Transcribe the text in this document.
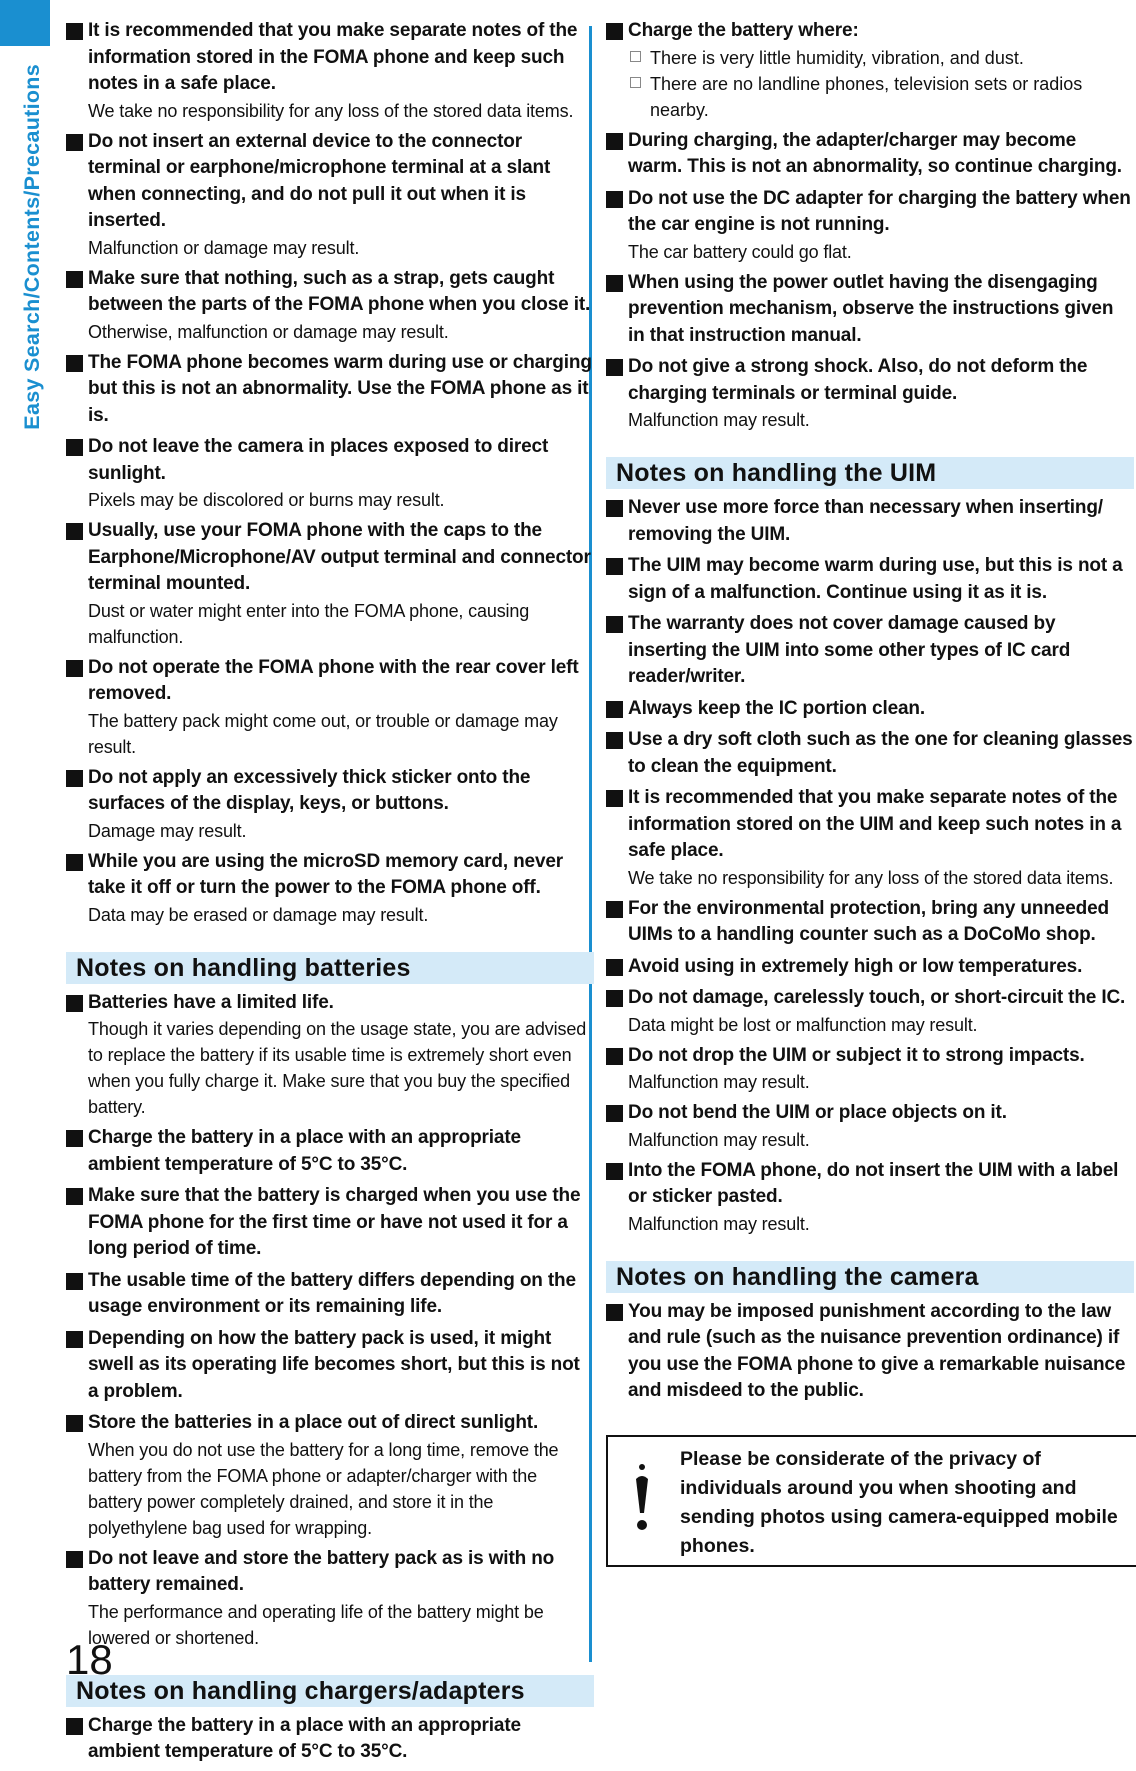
Easy Search/Contents/Precautions
It is recommended that you make separate notes of the information stored in the FOMA phone and keep such notes in a safe place.
We take no responsibility for any loss of the stored data items.
Do not insert an external device to the connector terminal or earphone/microphone terminal at a slant when connecting, and do not pull it out when it is inserted.
Malfunction or damage may result.
Make sure that nothing, such as a strap, gets caught between the parts of the FOMA phone when you close it.
Otherwise, malfunction or damage may result.
The FOMA phone becomes warm during use or charging but this is not an abnormality. Use the FOMA phone as it is.
Do not leave the camera in places exposed to direct sunlight.
Pixels may be discolored or burns may result.
Usually, use your FOMA phone with the caps to the Earphone/Microphone/AV output terminal and connector terminal mounted.
Dust or water might enter into the FOMA phone, causing malfunction.
Do not operate the FOMA phone with the rear cover left removed.
The battery pack might come out, or trouble or damage may result.
Do not apply an excessively thick sticker onto the surfaces of the display, keys, or buttons.
Damage may result.
While you are using the microSD memory card, never take it off or turn the power to the FOMA phone off.
Data may be erased or damage may result.
Notes on handling batteries
Batteries have a limited life.
Though it varies depending on the usage state, you are advised to replace the battery if its usable time is extremely short even when you fully charge it. Make sure that you buy the specified battery.
Charge the battery in a place with an appropriate ambient temperature of 5°C to 35°C.
Make sure that the battery is charged when you use the FOMA phone for the first time or have not used it for a long period of time.
The usable time of the battery differs depending on the usage environment or its remaining life.
Depending on how the battery pack is used, it might swell as its operating life becomes short, but this is not a problem.
Store the batteries in a place out of direct sunlight.
When you do not use the battery for a long time, remove the battery from the FOMA phone or adapter/charger with the battery power completely drained, and store it in the polyethylene bag used for wrapping.
Do not leave and store the battery pack as is with no battery remained.
The performance and operating life of the battery might be lowered or shortened.
Notes on handling chargers/adapters
Charge the battery in a place with an appropriate ambient temperature of 5°C to 35°C.
Charge the battery where:
There is very little humidity, vibration, and dust.
There are no landline phones, television sets or radios nearby.
During charging, the adapter/charger may become warm. This is not an abnormality, so continue charging.
Do not use the DC adapter for charging the battery when the car engine is not running.
The car battery could go flat.
When using the power outlet having the disengaging prevention mechanism, observe the instructions given in that instruction manual.
Do not give a strong shock. Also, do not deform the charging terminals or terminal guide.
Malfunction may result.
Notes on handling the UIM
Never use more force than necessary when inserting/ removing the UIM.
The UIM may become warm during use, but this is not a sign of a malfunction. Continue using it as it is.
The warranty does not cover damage caused by inserting the UIM into some other types of IC card reader/writer.
Always keep the IC portion clean.
Use a dry soft cloth such as the one for cleaning glasses to clean the equipment.
It is recommended that you make separate notes of the information stored on the UIM and keep such notes in a safe place.
We take no responsibility for any loss of the stored data items.
For the environmental protection, bring any unneeded UIMs to a handling counter such as a DoCoMo shop.
Avoid using in extremely high or low temperatures.
Do not damage, carelessly touch, or short-circuit the IC.
Data might be lost or malfunction may result.
Do not drop the UIM or subject it to strong impacts.
Malfunction may result.
Do not bend the UIM or place objects on it.
Malfunction may result.
Into the FOMA phone, do not insert the UIM with a label or sticker pasted.
Malfunction may result.
Notes on handling the camera
You may be imposed punishment according to the law and rule (such as the nuisance prevention ordinance) if you use the FOMA phone to give a remarkable nuisance and misdeed to the public.
Please be considerate of the privacy of individuals around you when shooting and sending photos using camera-equipped mobile phones.
18
